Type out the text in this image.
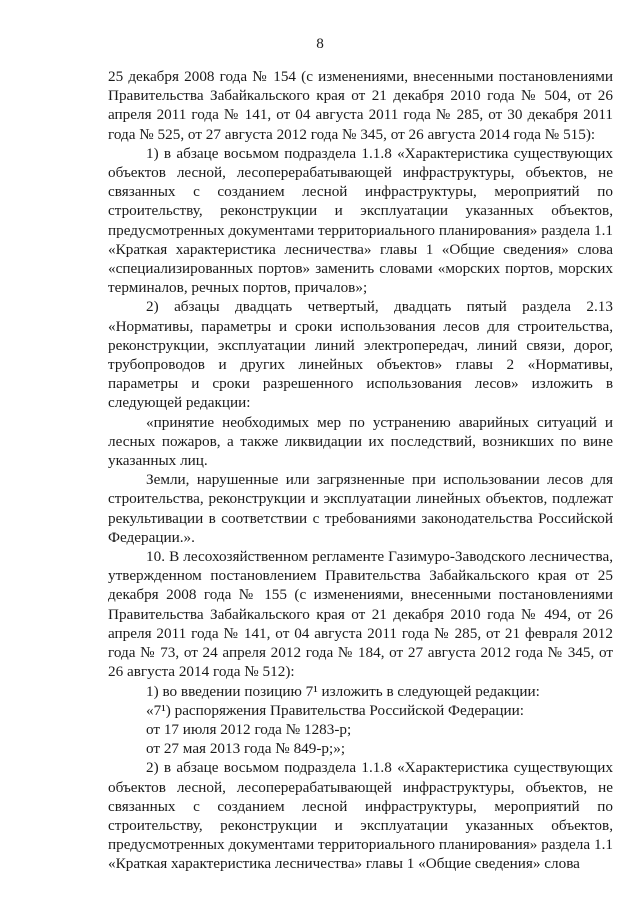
8

25 декабря 2008 года № 154 (с изменениями, внесенными постановлениями Правительства Забайкальского края от 21 декабря 2010 года № 504, от 26 апреля 2011 года № 141, от 04 августа 2011 года № 285, от 30 декабря 2011 года № 525, от 27 августа 2012 года № 345, от 26 августа 2014 года № 515):

1) в абзаце восьмом подраздела 1.1.8 «Характеристика существующих объектов лесной, лесоперерабатывающей инфраструктуры, объектов, не связанных с созданием лесной инфраструктуры, мероприятий по строительству, реконструкции и эксплуатации указанных объектов, предусмотренных документами территориального планирования» раздела 1.1 «Краткая характеристика лесничества» главы 1 «Общие сведения» слова «специализированных портов» заменить словами «морских портов, морских терминалов, речных портов, причалов»;

2) абзацы двадцать четвертый, двадцать пятый раздела 2.13 «Нормативы, параметры и сроки использования лесов для строительства, реконструкции, эксплуатации линий электропередач, линий связи, дорог, трубопроводов и других линейных объектов» главы 2 «Нормативы, параметры и сроки разрешенного использования лесов» изложить в следующей редакции:

«принятие необходимых мер по устранению аварийных ситуаций и лесных пожаров, а также ликвидации их последствий, возникших по вине указанных лиц.

Земли, нарушенные или загрязненные при использовании лесов для строительства, реконструкции и эксплуатации линейных объектов, подлежат рекультивации в соответствии с требованиями законодательства Российской Федерации.».

10. В лесохозяйственном регламенте Газимуро-Заводского лесничества, утвержденном постановлением Правительства Забайкальского края от 25 декабря 2008 года № 155 (с изменениями, внесенными постановлениями Правительства Забайкальского края от 21 декабря 2010 года № 494, от 26 апреля 2011 года № 141, от 04 августа 2011 года № 285, от 21 февраля 2012 года № 73, от 24 апреля 2012 года № 184, от 27 августа 2012 года № 345, от 26 августа 2014 года № 512):

1) во введении позицию 7¹ изложить в следующей редакции:

«7¹) распоряжения Правительства Российской Федерации:

от 17 июля 2012 года № 1283-р;

от 27 мая 2013 года № 849-р;»;

2) в абзаце восьмом подраздела 1.1.8 «Характеристика существующих объектов лесной, лесоперерабатывающей инфраструктуры, объектов, не связанных с созданием лесной инфраструктуры, мероприятий по строительству, реконструкции и эксплуатации указанных объектов, предусмотренных документами территориального планирования» раздела 1.1 «Краткая характеристика лесничества» главы 1 «Общие сведения» слова
